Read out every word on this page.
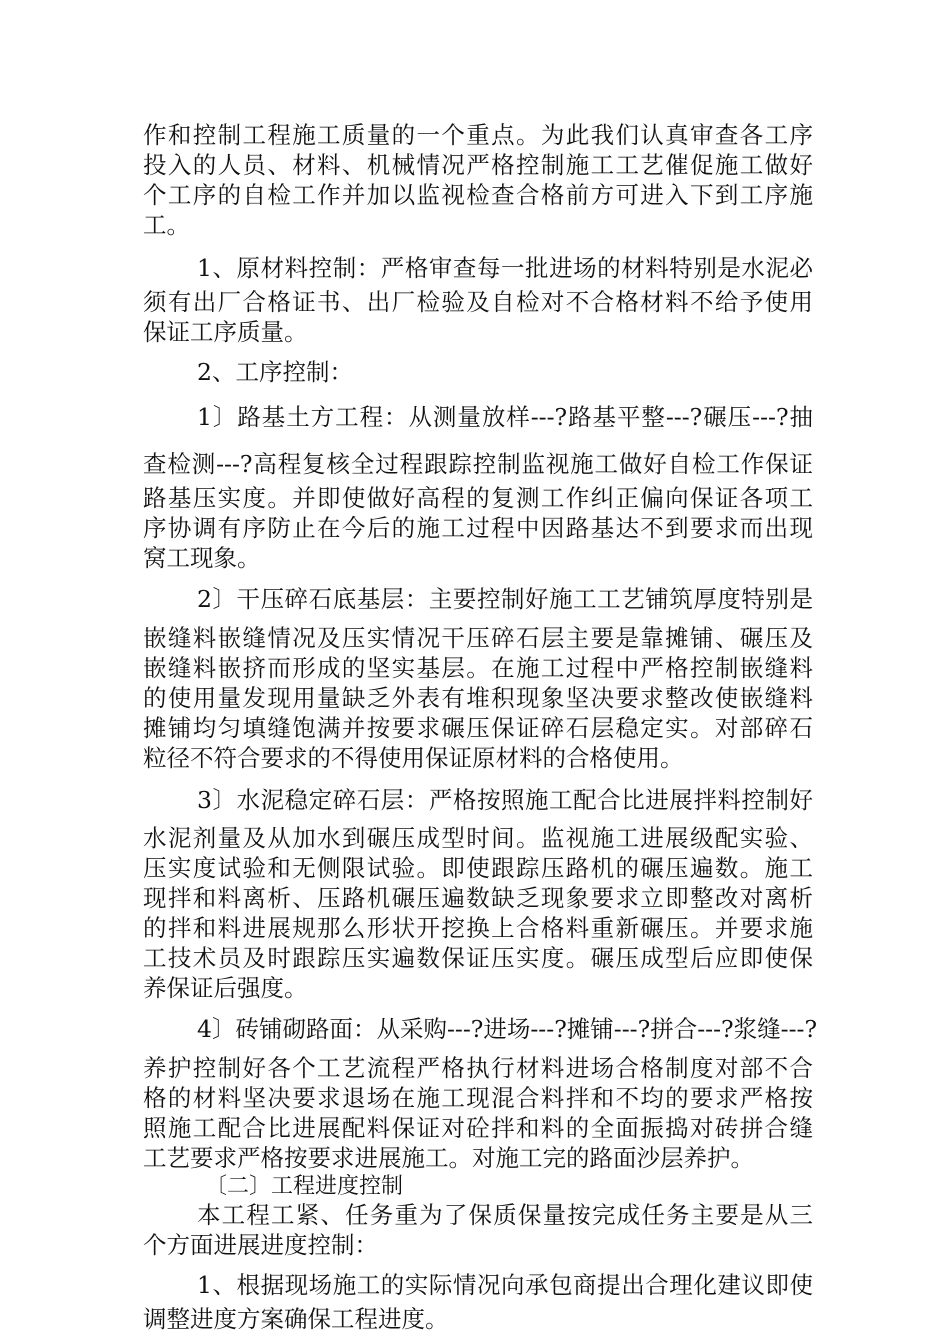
作和控制工程施工质量的一个重点。为此我们认真审查各工序

投入的人员、材料、机械情况严格控制施工工艺催促施工做好

个工序的自检工作并加以监视检查合格前方可进入下到工序施

工。

1、原材料控制：严格审查每一批进场的材料特别是水泥必

须有出厂合格证书、出厂检验及自检对不合格材料不给予使用

保证工序质量。

2、工序控制：

1〕路基土方工程：从测量放样---?路基平整---?碾压---?抽

查检测---?高程复核全过程跟踪控制监视施工做好自检工作保证

路基压实度。并即使做好高程的复测工作纠正偏向保证各项工

序协调有序防止在今后的施工过程中因路基达不到要求而出现

窝工现象。

2〕干压碎石底基层：主要控制好施工工艺铺筑厚度特别是

嵌缝料嵌缝情况及压实情况干压碎石层主要是靠摊铺、碾压及

嵌缝料嵌挤而形成的坚实基层。在施工过程中严格控制嵌缝料

的使用量发现用量缺乏外表有堆积现象坚决要求整改使嵌缝料

摊铺均匀填缝饱满并按要求碾压保证碎石层稳定实。对部碎石

粒径不符合要求的不得使用保证原材料的合格使用。

3〕水泥稳定碎石层：严格按照施工配合比进展拌料控制好

水泥剂量及从加水到碾压成型时间。监视施工进展级配实验、

压实度试验和无侧限试验。即使跟踪压路机的碾压遍数。施工

现拌和料离析、压路机碾压遍数缺乏现象要求立即整改对离析

的拌和料进展规那么形状开挖换上合格料重新碾压。并要求施

工技术员及时跟踪压实遍数保证压实度。碾压成型后应即使保

养保证后强度。

4〕砖铺砌路面：从采购---?进场---?摊铺---?拼合---?浆缝---?

养护控制好各个工艺流程严格执行材料进场合格制度对部不合

格的材料坚决要求退场在施工现混合料拌和不均的要求严格按

照施工配合比进展配料保证对砼拌和料的全面振捣对砖拼合缝

工艺要求严格按要求进展施工。对施工完的路面沙层养护。

〔二〕工程进度控制

本工程工紧、任务重为了保质保量按完成任务主要是从三

个方面进展进度控制：

1、根据现场施工的实际情况向承包商提出合理化建议即使

调整进度方案确保工程进度。
